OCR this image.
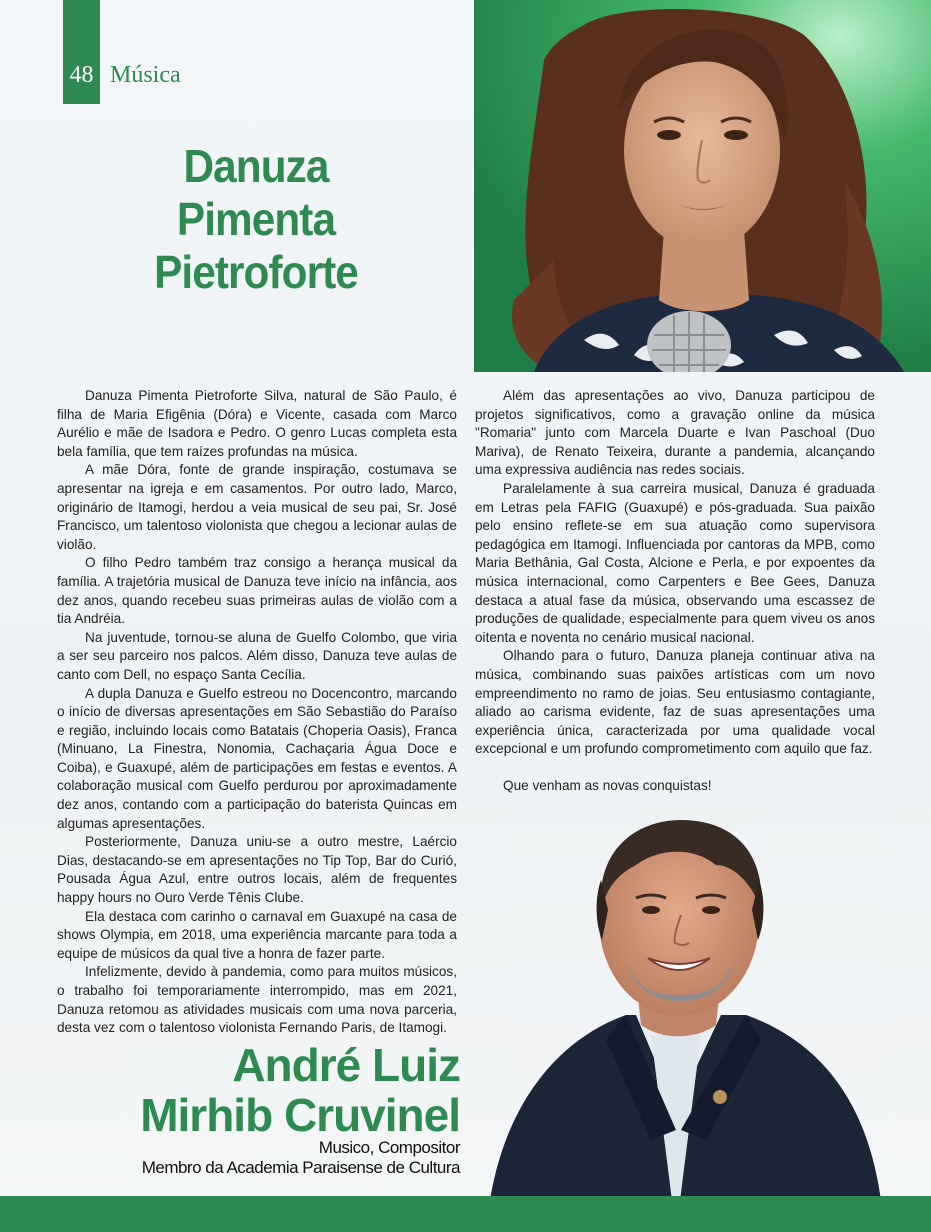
48 Música
Danuza
Pimenta
Pietroforte

Danuza Pimenta Pietroforte Silva, natural de São Paulo, é filha de Maria Efigênia (Dóra) e Vicente, casada com Marco Aurélio e mãe de Isadora e Pedro. O genro Lucas completa esta bela família, que tem raízes profundas na música.

A mãe Dóra, fonte de grande inspiração, costumava se apresentar na igreja e em casamentos. Por outro lado, Marco, originário de Itamogi, herdou a veia musical de seu pai, Sr. José Francisco, um talentoso violonista que chegou a lecionar aulas de violão.

O filho Pedro também traz consigo a herança musical da família. A trajetória musical de Danuza teve início na infância, aos dez anos, quando recebeu suas primeiras aulas de violão com a tia Andréia.

Na juventude, tornou-se aluna de Guelfo Colombo, que viria a ser seu parceiro nos palcos. Além disso, Danuza teve aulas de canto com Dell, no espaço Santa Cecília.

A dupla Danuza e Guelfo estreou no Docencontro, marcando o início de diversas apresentações em São Sebastião do Paraíso e região, incluindo locais como Batatais (Choperia Oasis), Franca (Minuano, La Finestra, Nonomia, Cachaçaria Água Doce e Coiba), e Guaxupé, além de participações em festas e eventos. A colaboração musical com Guelfo perdurou por aproximadamente dez anos, contando com a participação do baterista Quincas em algumas apresentações.

Posteriormente, Danuza uniu-se a outro mestre, Laércio Dias, destacando-se em apresentações no Tip Top, Bar do Curió, Pousada Água Azul, entre outros locais, além de frequentes happy hours no Ouro Verde Tênis Clube.

Ela destaca com carinho o carnaval em Guaxupé na casa de shows Olympia, em 2018, uma experiência marcante para toda a equipe de músicos da qual tive a honra de fazer parte.

Infelizmente, devido à pandemia, como para muitos músicos, o trabalho foi temporariamente interrompido, mas em 2021, Danuza retomou as atividades musicais com uma nova parceria, desta vez com o talentoso violonista Fernando Paris, de Itamogi.

Além das apresentações ao vivo, Danuza participou de projetos significativos, como a gravação online da música "Romaria" junto com Marcela Duarte e Ivan Paschoal (Duo Mariva), de Renato Teixeira, durante a pandemia, alcançando uma expressiva audiência nas redes sociais.

Paralelamente à sua carreira musical, Danuza é graduada em Letras pela FAFIG (Guaxupé) e pós-graduada. Sua paixão pelo ensino reflete-se em sua atuação como supervisora pedagógica em Itamogi. Influenciada por cantoras da MPB, como Maria Bethânia, Gal Costa, Alcione e Perla, e por expoentes da música internacional, como Carpenters e Bee Gees, Danuza destaca a atual fase da música, observando uma escassez de produções de qualidade, especialmente para quem viveu os anos oitenta e noventa no cenário musical nacional.

Olhando para o futuro, Danuza planeja continuar ativa na música, combinando suas paixões artísticas com um novo empreendimento no ramo de joias. Seu entusiasmo contagiante, aliado ao carisma evidente, faz de suas apresentações uma experiência única, caracterizada por uma qualidade vocal excepcional e um profundo comprometimento com aquilo que faz.

Que venham as novas conquistas!

André Luiz
Mirhib Cruvinel
Musico, Compositor
Membro da Academia Paraisense de Cultura
